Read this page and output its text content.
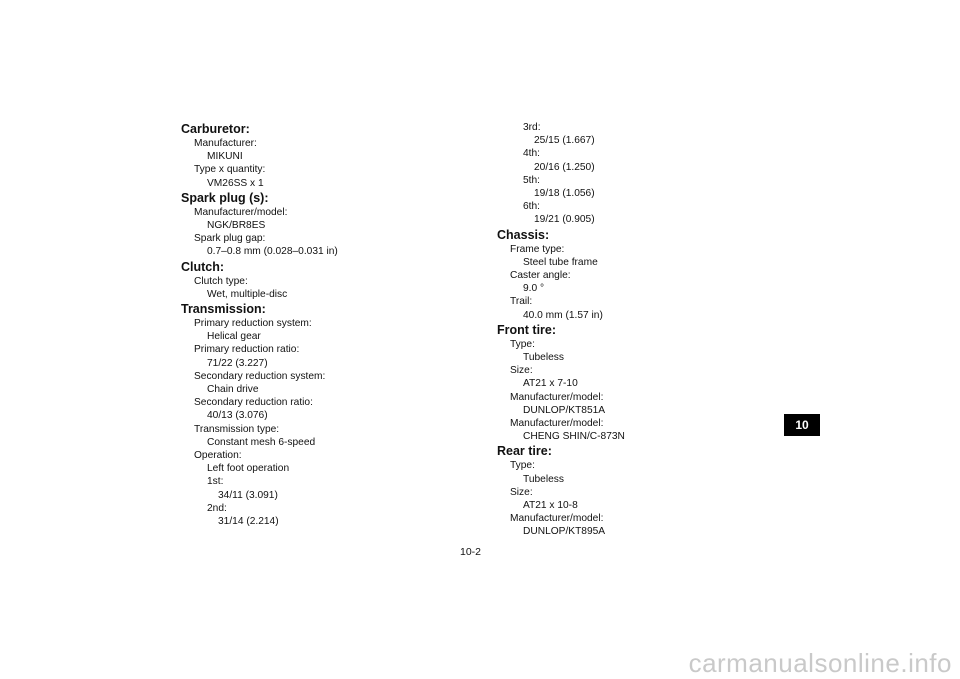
Carburetor:
Manufacturer:
MIKUNI
Type x quantity:
VM26SS x 1
Spark plug (s):
Manufacturer/model:
NGK/BR8ES
Spark plug gap:
0.7–0.8 mm (0.028–0.031 in)
Clutch:
Clutch type:
Wet, multiple-disc
Transmission:
Primary reduction system:
Helical gear
Primary reduction ratio:
71/22 (3.227)
Secondary reduction system:
Chain drive
Secondary reduction ratio:
40/13 (3.076)
Transmission type:
Constant mesh 6-speed
Operation:
Left foot operation
1st:
34/11 (3.091)
2nd:
31/14 (2.214)
3rd:
25/15 (1.667)
4th:
20/16 (1.250)
5th:
19/18 (1.056)
6th:
19/21 (0.905)
Chassis:
Frame type:
Steel tube frame
Caster angle:
9.0 °
Trail:
40.0 mm (1.57 in)
Front tire:
Type:
Tubeless
Size:
AT21 x 7-10
Manufacturer/model:
DUNLOP/KT851A
Manufacturer/model:
CHENG SHIN/C-873N
Rear tire:
Type:
Tubeless
Size:
AT21 x 10-8
Manufacturer/model:
DUNLOP/KT895A
10
10-2
carmanualsonline.info
